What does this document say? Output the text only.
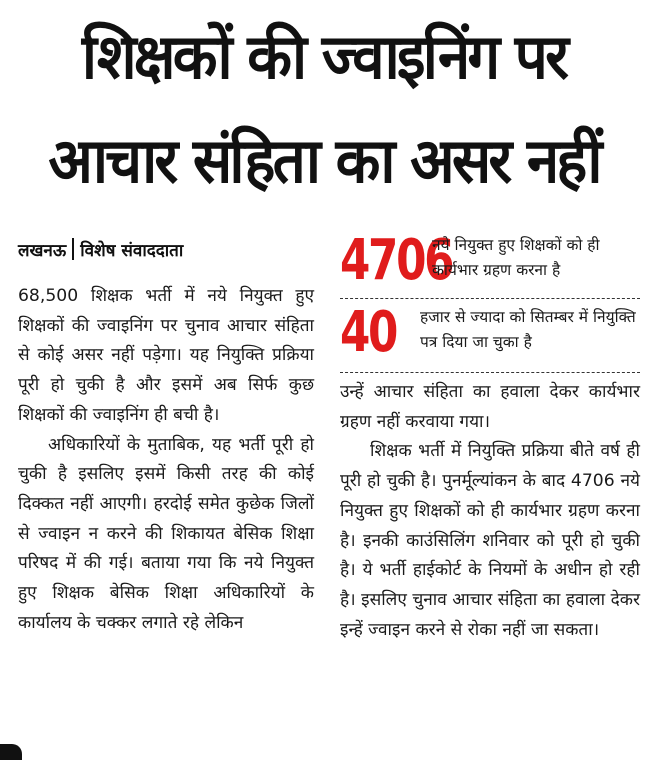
शिक्षकों की ज्वाइनिंग पर
आचार संहिता का असर नहीं
लखनऊ विशेष संवाददाता	4706
नये नियुक्त हुए शिक्षकों को ही कार्यभार ग्रहण करना है
40 हजार से ज्यादा को सितम्बर में नियुक्ति पत्र दिया जा चुका है

68,500 शिक्षक भर्ती में नये नियुक्त हुए शिक्षकों की ज्वाइनिंग पर चुनाव आचार संहिता से कोई असर नहीं पड़ेगा। यह नियुक्ति प्रक्रिया पूरी हो चुकी है और इसमें अब सिर्फ कुछ शिक्षकों की ज्वाइनिंग ही बची है।

अधिकारियों के मुताबिक, यह भर्ती पूरी हो चुकी है इसलिए इसमें किसी तरह की कोई दिक्कत नहीं आएगी। हरदोई समेत कुछेक जिलों से ज्वाइन न करने की शिकायत बेसिक शिक्षा परिषद में की गई। बताया गया कि नये नियुक्त हुए शिक्षक बेसिक शिक्षा अधिकारियों के कार्यालय के चक्कर लगाते रहे लेकिन

उन्हें आचार संहिता का हवाला देकर कार्यभार ग्रहण नहीं करवाया गया।

शिक्षक भर्ती में नियुक्ति प्रक्रिया बीते वर्ष ही पूरी हो चुकी है। पुनर्मूल्यांकन के बाद 4706 नये नियुक्त हुए शिक्षकों को ही कार्यभार ग्रहण करना है। इनकी काउंसिलिंग शनिवार को पूरी हो चुकी है। ये भर्ती हाईकोर्ट के नियमों के अधीन हो रही है। इसलिए चुनाव आचार संहिता का हवाला देकर इन्हें ज्वाइन करने से रोका नहीं जा सकता।
